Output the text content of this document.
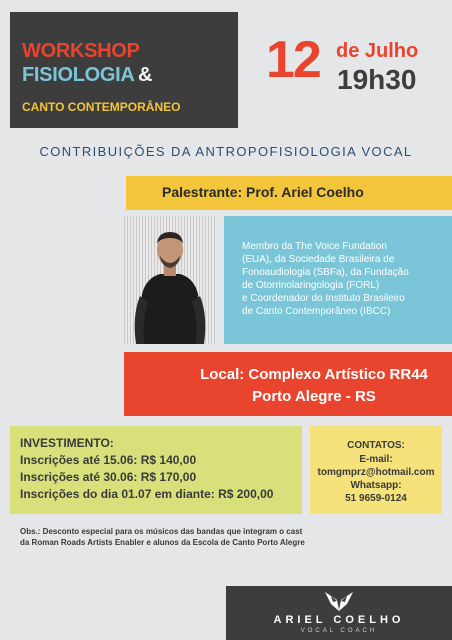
WORKSHOP
FISIOLOGIA &
CANTO CONTEMPORÂNEO
12 de Julho
19h30
CONTRIBUIÇÕES DA ANTROPOFISIOLOGIA VOCAL
Palestrante: Prof. Ariel Coelho
Membro da The Voice Fundation
(EUA), da Sociedade Brasileira de
Fonoaudiologia (SBFa), da Fundação
de Otorrinolaringologia (FORL)
e Coordenador do Instituto Brasileiro
de Canto Contemporâneo (IBCC)
Local: Complexo Artístico RR44
Porto Alegre - RS
INVESTIMENTO:
Inscrições até 15.06: R$ 140,00
Inscrições até 30.06: R$ 170,00
Inscrições do dia 01.07 em diante: R$ 200,00
CONTATOS:
E-mail:
tomgmprz@hotmail.com
Whatsapp:
51 9659-0124
Obs.: Desconto especial para os músicos das bandas que integram o cast
da Roman Roads Artists Enabler e alunos da Escola de Canto Porto Alegre
ARIEL COELHO
VOCAL COACH
